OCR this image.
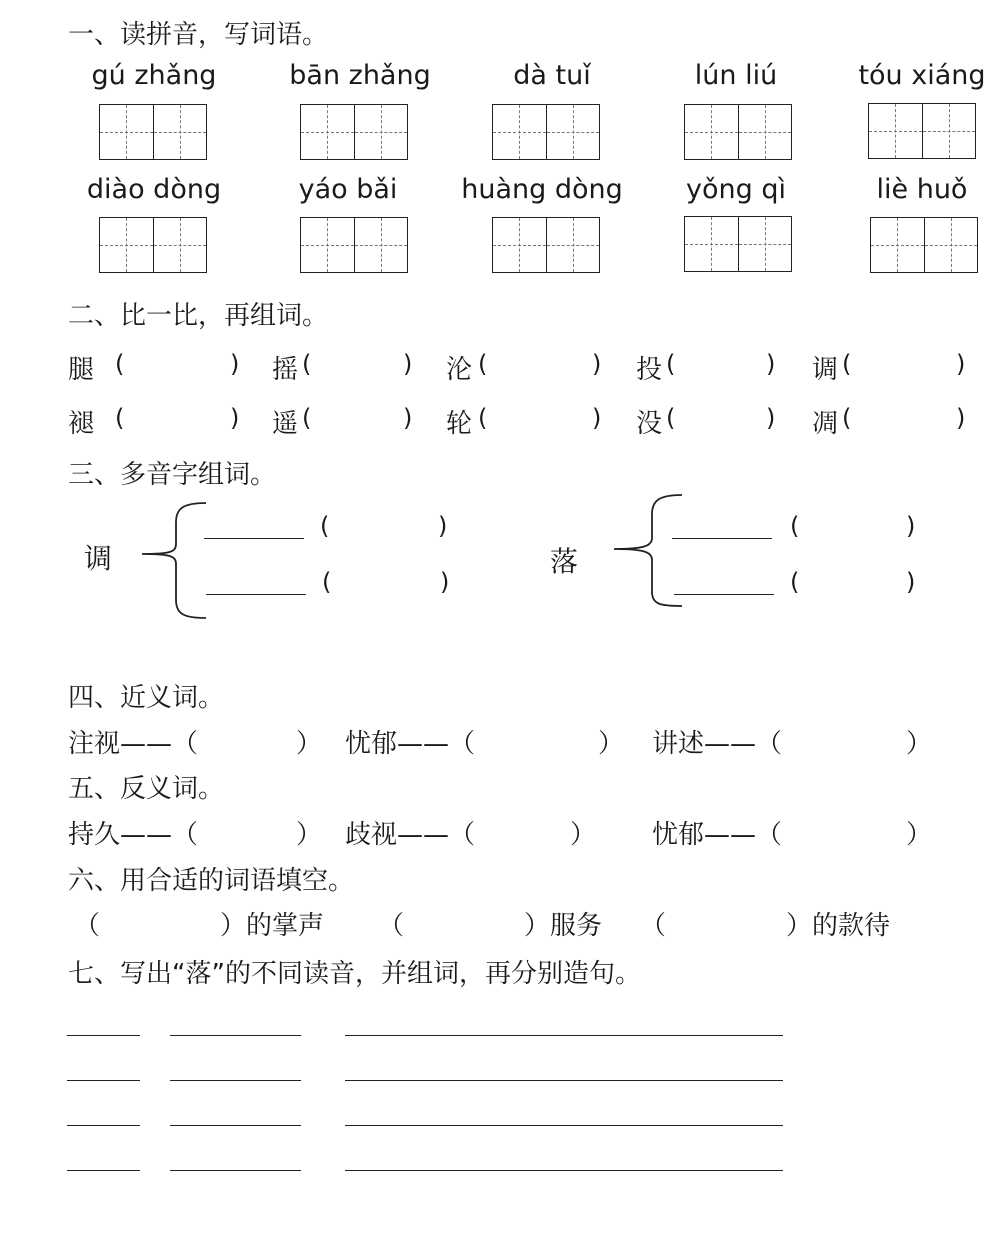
一、读拼音，写词语。
gú zhǎng	bān zhǎng	dà tuǐ	lún liú	tóu xiáng
diào dòng	yáo bǎi	huàng dòng	yǒng qì	liè huǒ
二、比一比，再组词。
腿 (	) 摇 (	) 沦 (	) 投 (	) 调 (	)
褪 (	) 遥 (	) 轮 (	) 没 (	) 凋 (	)
三、多音字组词。
调
(	)
(	)
落
(	)
(	)
四、近义词。
注视——（	） 忧郁——（	） 讲述——（	）
五、反义词。
持久——（	） 歧视——（	） 忧郁——（	）
六、用合适的词语填空。
（	）的掌声 （	）服务 （	）的款待
七、写出“落”的不同读音，并组词，再分别造句。
